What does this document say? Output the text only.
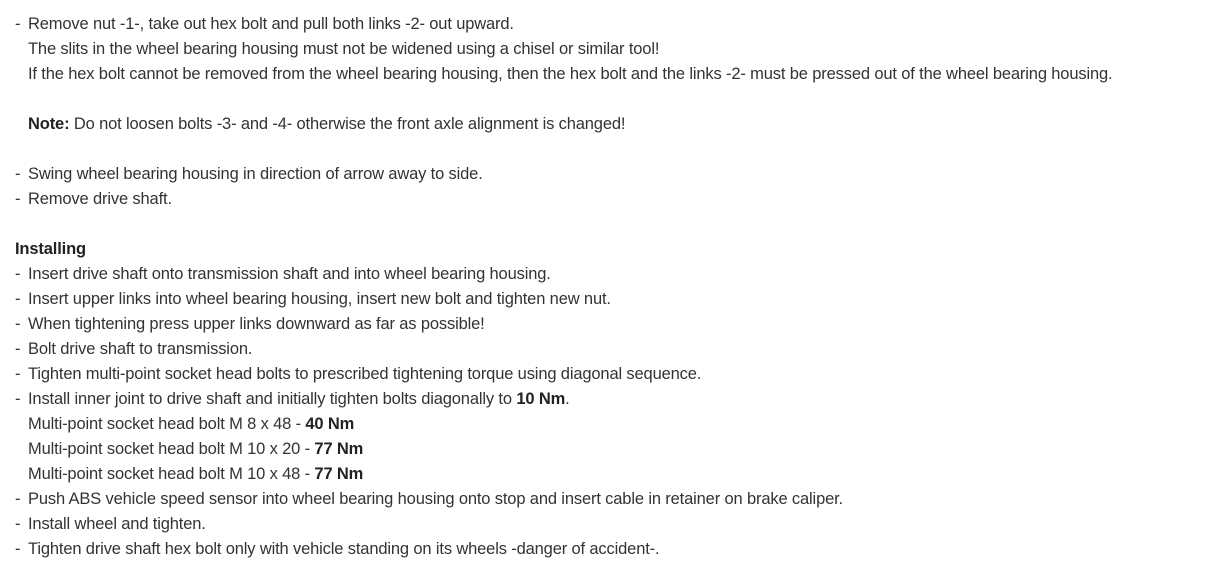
- Remove nut -1-, take out hex bolt and pull both links -2- out upward.
The slits in the wheel bearing housing must not be widened using a chisel or similar tool!
If the hex bolt cannot be removed from the wheel bearing housing, then the hex bolt and the links -2- must be pressed out of the wheel bearing housing.
Note: Do not loosen bolts -3- and -4- otherwise the front axle alignment is changed!
- Swing wheel bearing housing in direction of arrow away to side.
- Remove drive shaft.
Installing
- Insert drive shaft onto transmission shaft and into wheel bearing housing.
- Insert upper links into wheel bearing housing, insert new bolt and tighten new nut.
- When tightening press upper links downward as far as possible!
- Bolt drive shaft to transmission.
- Tighten multi-point socket head bolts to prescribed tightening torque using diagonal sequence.
- Install inner joint to drive shaft and initially tighten bolts diagonally to 10 Nm.
Multi-point socket head bolt M 8 x 48 - 40 Nm
Multi-point socket head bolt M 10 x 20 - 77 Nm
Multi-point socket head bolt M 10 x 48 - 77 Nm
- Push ABS vehicle speed sensor into wheel bearing housing onto stop and insert cable in retainer on brake caliper.
- Install wheel and tighten.
- Tighten drive shaft hex bolt only with vehicle standing on its wheels -danger of accident-.
